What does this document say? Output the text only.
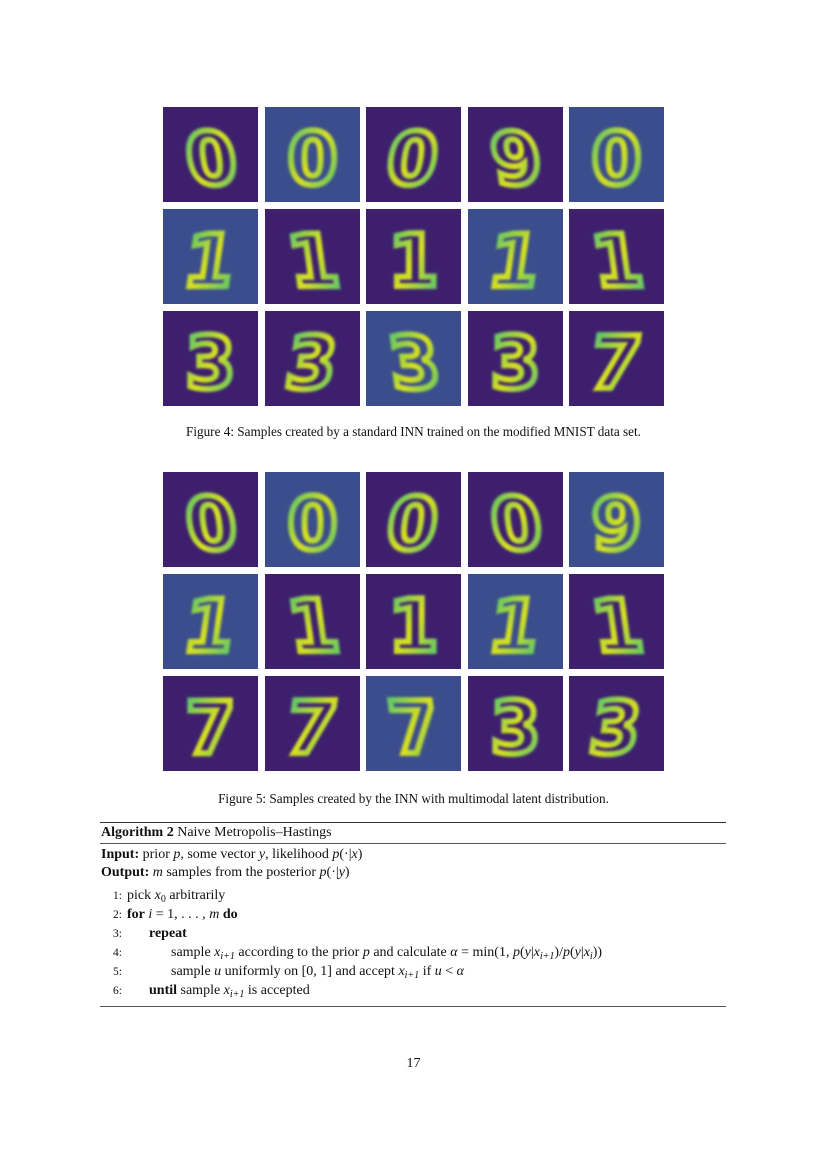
0 0 0 9 0
1 1 1 1 1
3 3 3 3 7
Figure 4: Samples created by a standard INN trained on the modified MNIST data set.
0 0 0 0 9
1 1 1 1 1
7 7 7 3 3
Figure 5: Samples created by the INN with multimodal latent distribution.
Algorithm 2 Naive Metropolis–Hastings
Input: prior p, some vector y, likelihood p(·|x)
Output: m samples from the posterior p(·|y)
1: pick $x_0$ arbitrarily
2: for i = 1, . . . , m do
3: repeat
4:	sample $x_{i+1}$ according to the prior p and calculate α = min(1, $p(y|x_{i+1})/p(y|x_i)$)
5:	sample u uniformly on [0, 1] and accept $x_{i+1}$ if u < α
6: until sample $x_{i+1}$ is accepted
17
